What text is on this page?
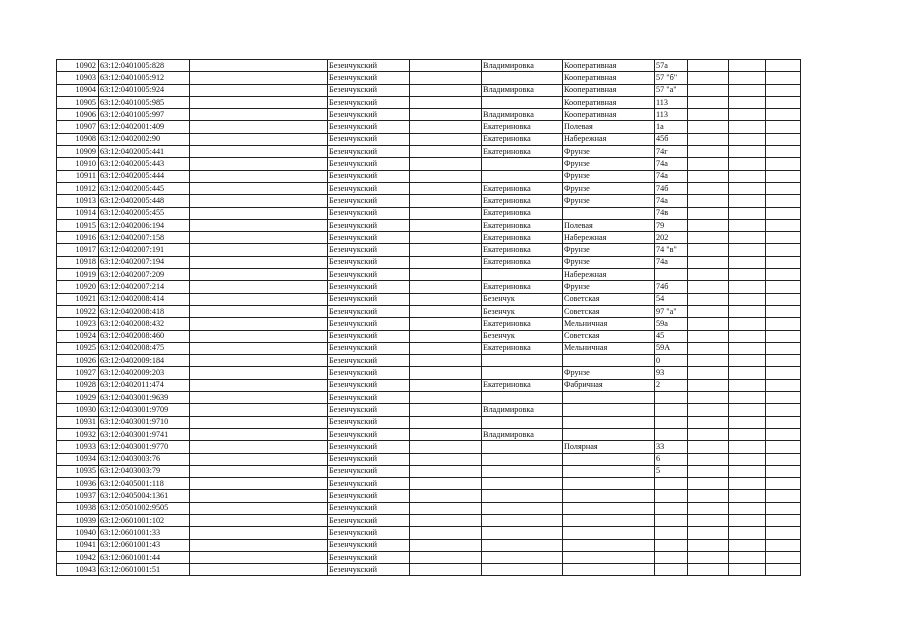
10902	63:12:0401005:828		Безенчукский		Владимировка	Кооперативная	57а			
10903	63:12:0401005:912		Безенчукский			Кооперативная	57 "б"			
10904	63:12:0401005:924		Безенчукский		Владимировка	Кооперативная	57 "а"			
10905	63:12:0401005:985		Безенчукский			Кооперативная	113			
10906	63:12:0401005:997		Безенчукский		Владимировка	Кооперативная	113			
10907	63:12:0402001:409		Безенчукский		Екатериновка	Полевая	1а			
10908	63:12:0402002:90		Безенчукский		Екатериновка	Набережная	45б			
10909	63:12:0402005:441		Безенчукский		Екатериновка	Фрунзе	74г			
10910	63:12:0402005:443		Безенчукский			Фрунзе	74а			
10911	63:12:0402005:444		Безенчукский			Фрунзе	74а			
10912	63:12:0402005:445		Безенчукский		Екатериновка	Фрунзе	74б			
10913	63:12:0402005:448		Безенчукский		Екатериновка	Фрунзе	74а			
10914	63:12:0402005:455		Безенчукский		Екатериновка		74в			
10915	63:12:0402006:194		Безенчукский		Екатериновка	Полевая	79			
10916	63:12:0402007:158		Безенчукский		Екатериновка	Набережная	202			
10917	63:12:0402007:191		Безенчукский		Екатериновка	Фрунзе	74 "в"			
10918	63:12:0402007:194		Безенчукский		Екатериновка	Фрунзе	74а			
10919	63:12:0402007:209		Безенчукский			Набережная				
10920	63:12:0402007:214		Безенчукский		Екатериновка	Фрунзе	74б			
10921	63:12:0402008:414		Безенчукский		Безенчук	Советская	54			
10922	63:12:0402008:418		Безенчукский		Безенчук	Советская	97 "а"			
10923	63:12:0402008:432		Безенчукский		Екатериновка	Мельничная	59а			
10924	63:12:0402008:460		Безенчукский		Безенчук	Советская	45			
10925	63:12:0402008:475		Безенчукский		Екатериновка	Мельничная	59А			
10926	63:12:0402009:184		Безенчукский				0			
10927	63:12:0402009:203		Безенчукский			Фрунзе	93			
10928	63:12:0402011:474		Безенчукский		Екатериновка	Фабричная	2			
10929	63:12:0403001:9639		Безенчукский							
10930	63:12:0403001:9709		Безенчукский		Владимировка					
10931	63:12:0403001:9710		Безенчукский							
10932	63:12:0403001:9741		Безенчукский		Владимировка					
10933	63:12:0403001:9770		Безенчукский			Полярная	33			
10934	63:12:0403003:76		Безенчукский				6			
10935	63:12:0403003:79		Безенчукский				5			
10936	63:12:0405001:118		Безенчукский							
10937	63:12:0405004:1361		Безенчукский							
10938	63:12:0501002:9505		Безенчукский							
10939	63:12:0601001:102		Безенчукский							
10940	63:12:0601001:33		Безенчукский							
10941	63:12:0601001:43		Безенчукский							
10942	63:12:0601001:44		Безенчукский							
10943	63:12:0601001:51		Безенчукский							
